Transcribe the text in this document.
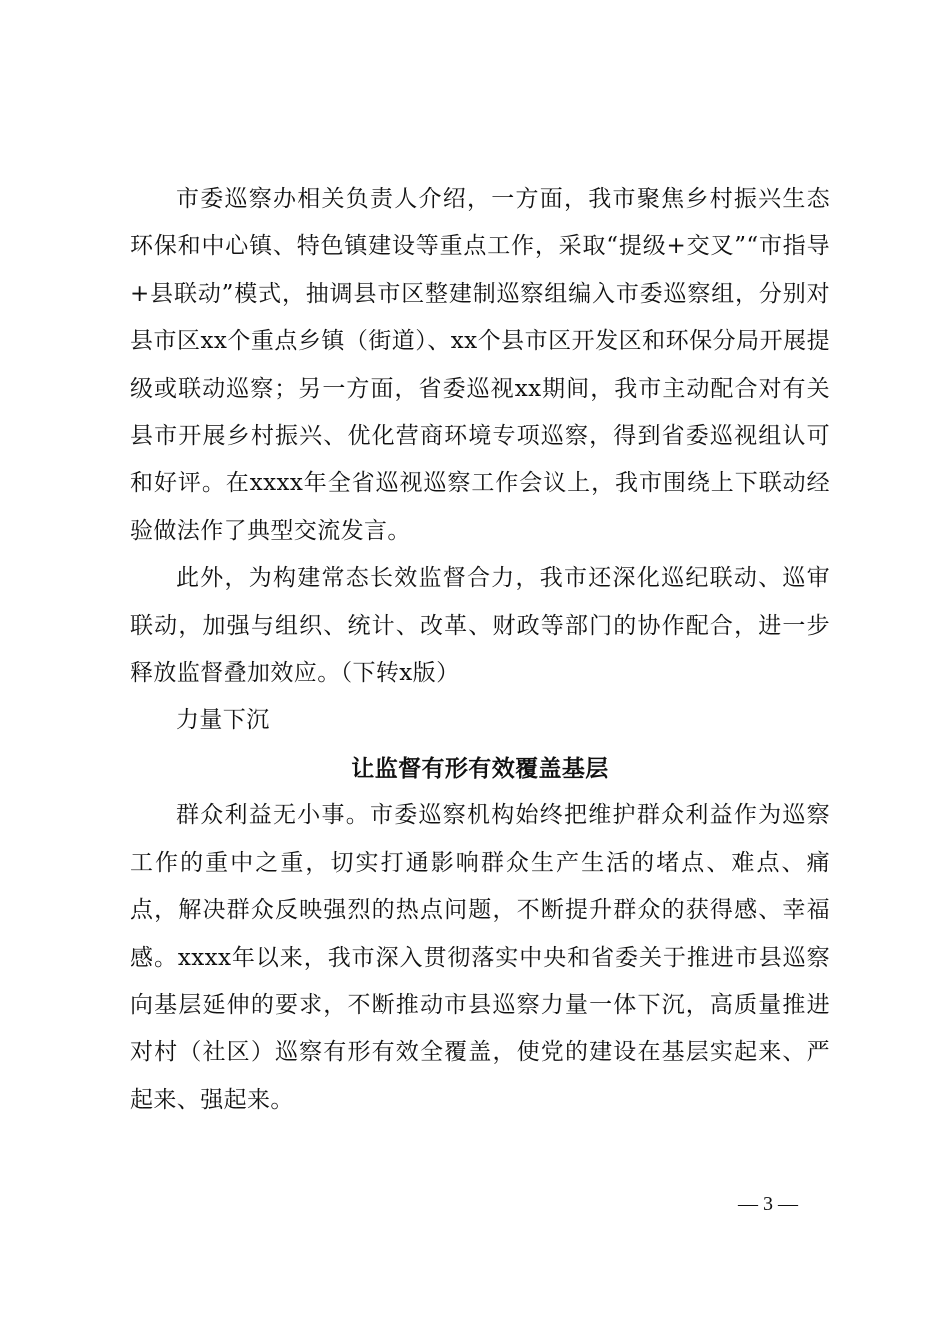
市委巡察办相关负责人介绍，一方面，我市聚焦乡村振兴生态环保和中心镇、特色镇建设等重点工作，采取“提级+交叉”“市指导+县联动”模式，抽调县市区整建制巡察组编入市委巡察组，分别对县市区xx个重点乡镇（街道）、xx个县市区开发区和环保分局开展提级或联动巡察；另一方面，省委巡视xx期间，我市主动配合对有关县市开展乡村振兴、优化营商环境专项巡察，得到省委巡视组认可和好评。在xxxx年全省巡视巡察工作会议上，我市围绕上下联动经验做法作了典型交流发言。

此外，为构建常态长效监督合力，我市还深化巡纪联动、巡审联动，加强与组织、统计、改革、财政等部门的协作配合，进一步释放监督叠加效应。（下转x版）

力量下沉

让监督有形有效覆盖基层

群众利益无小事。市委巡察机构始终把维护群众利益作为巡察工作的重中之重，切实打通影响群众生产生活的堵点、难点、痛点，解决群众反映强烈的热点问题，不断提升群众的获得感、幸福感。xxxx年以来，我市深入贯彻落实中央和省委关于推进市县巡察向基层延伸的要求，不断推动市县巡察力量一体下沉，高质量推进对村（社区）巡察有形有效全覆盖，使党的建设在基层实起来、严起来、强起来。

— 3 —
